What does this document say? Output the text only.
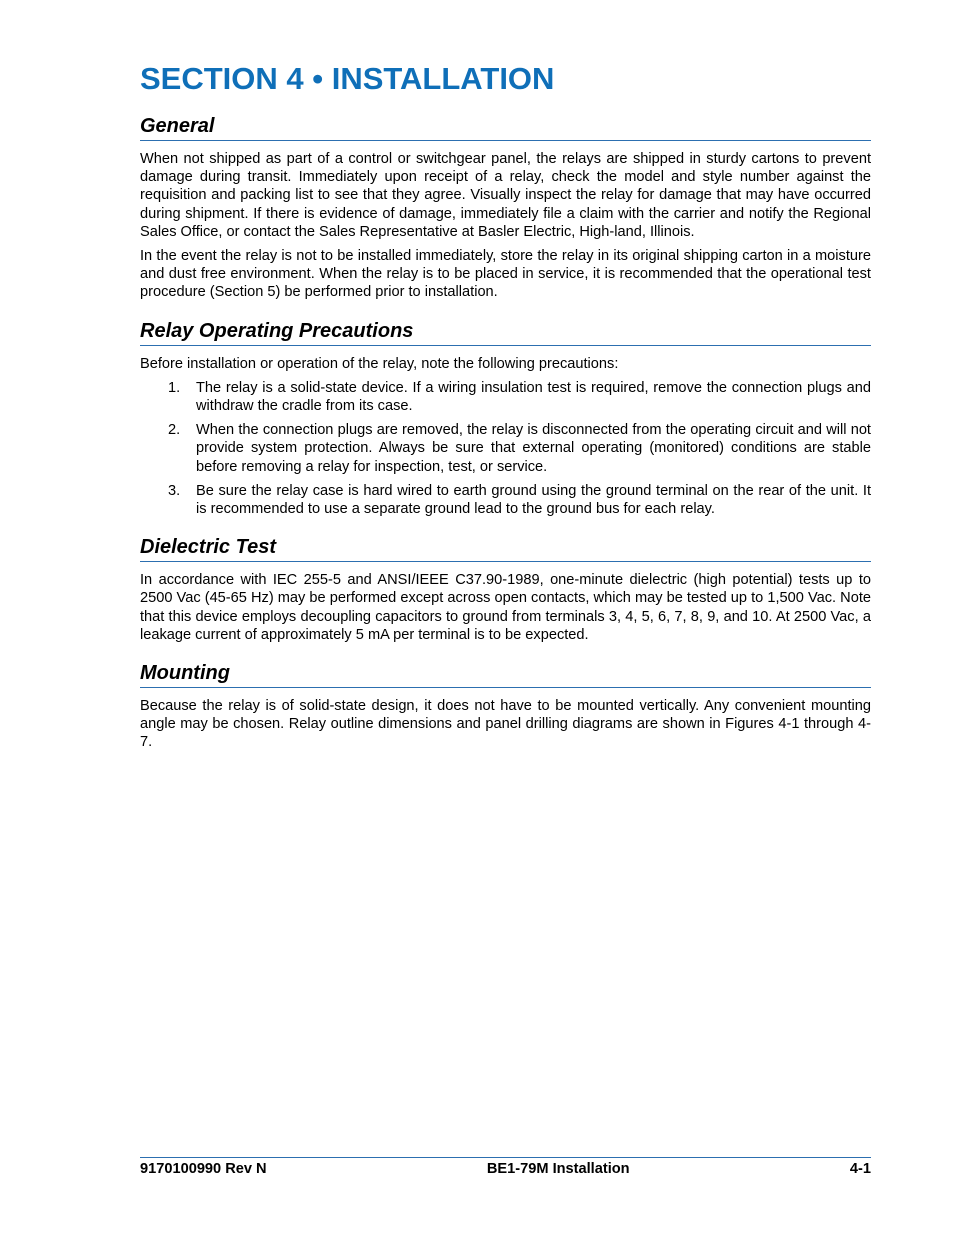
SECTION 4 • INSTALLATION
General

When not shipped as part of a control or switchgear panel, the relays are shipped in sturdy cartons to prevent damage during transit. Immediately upon receipt of a relay, check the model and style number against the requisition and packing list to see that they agree. Visually inspect the relay for damage that may have occurred during shipment. If there is evidence of damage, immediately file a claim with the carrier and notify the Regional Sales Office, or contact the Sales Representative at Basler Electric, High-land, Illinois.

In the event the relay is not to be installed immediately, store the relay in its original shipping carton in a moisture and dust free environment. When the relay is to be placed in service, it is recommended that the operational test procedure (Section 5) be performed prior to installation.

Relay Operating Precautions

Before installation or operation of the relay, note the following precautions:

1. The relay is a solid-state device. If a wiring insulation test is required, remove the connection plugs and withdraw the cradle from its case.
2. When the connection plugs are removed, the relay is disconnected from the operating circuit and will not provide system protection. Always be sure that external operating (monitored) conditions are stable before removing a relay for inspection, test, or service.
3. Be sure the relay case is hard wired to earth ground using the ground terminal on the rear of the unit. It is recommended to use a separate ground lead to the ground bus for each relay.
Dielectric Test

In accordance with IEC 255-5 and ANSI/IEEE C37.90-1989, one-minute dielectric (high potential) tests up to 2500 Vac (45-65 Hz) may be performed except across open contacts, which may be tested up to 1,500 Vac. Note that this device employs decoupling capacitors to ground from terminals 3, 4, 5, 6, 7, 8, 9, and 10. At 2500 Vac, a leakage current of approximately 5 mA per terminal is to be expected.

Mounting

Because the relay is of solid-state design, it does not have to be mounted vertically. Any convenient mounting angle may be chosen. Relay outline dimensions and panel drilling diagrams are shown in Figures 4-1 through 4-7.

9170100990 Rev N	BE1-79M Installation	4-1
